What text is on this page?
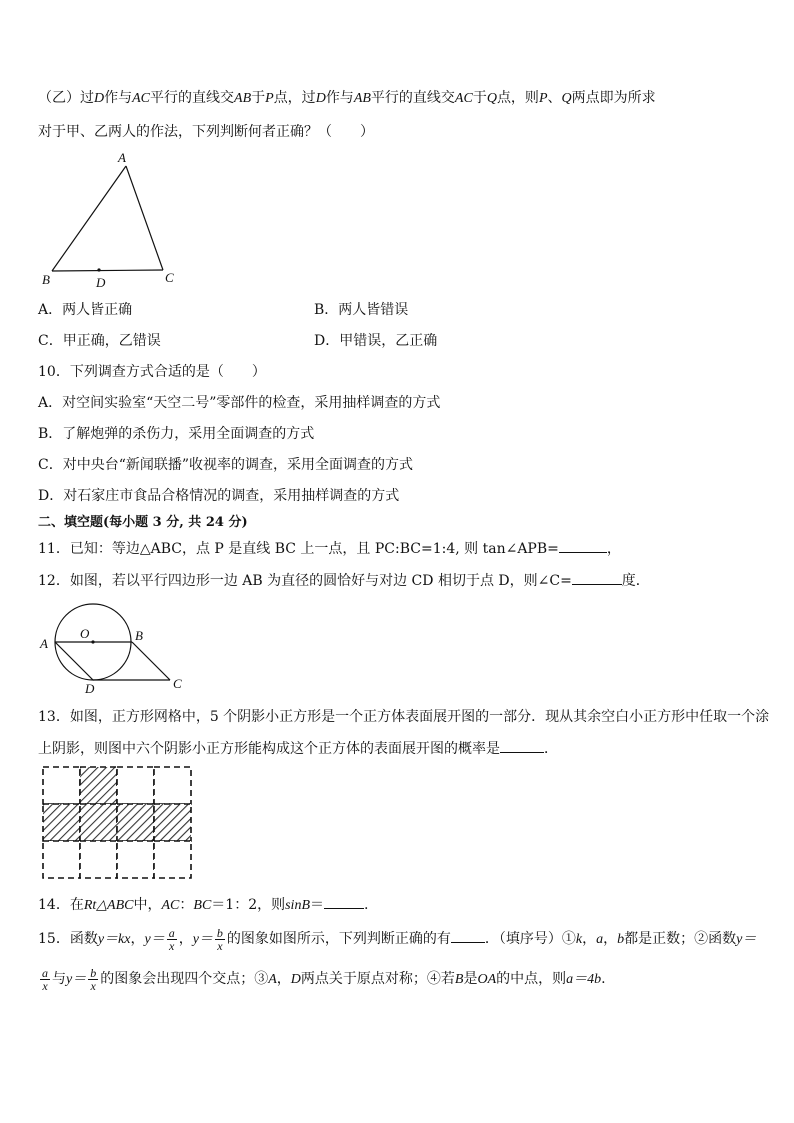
（乙）过D作与AC平行的直线交AB于P点，过D作与AB平行的直线交AC于Q点，则P、Q两点即为所求
对于甲、乙两人的作法，下列判断何者正确？（　　）
A
B	D	C
A．两人皆正确	B．两人皆错误
C．甲正确，乙错误	D．甲错误，乙正确
10．下列调查方式合适的是（　　）
A．对空间实验室“天空二号”零部件的检查，采用抽样调查的方式
B．了解炮弹的杀伤力，采用全面调查的方式
C．对中央台“新闻联播”收视率的调查，采用全面调查的方式
D．对石家庄市食品合格情况的调查，采用抽样调查的方式
二、填空题(每小题 3 分, 共 24 分)
11．已知：等边△ABC，点 P 是直线 BC 上一点，且 PC:BC=1:4, 则 tan∠APB=	，
12．如图，若以平行四边形一边 AB 为直径的圆恰好与对边 CD 相切于点 D，则∠C=	度．
A
O	B
D	C
13．如图，正方形网格中，5 个阴影小正方形是一个正方体表面展开图的一部分．现从其余空白小正方形中任取一个涂
上阴影，则图中六个阴影小正方形能构成这个正方体的表面展开图的概率是	．
14．在Rt△ABC中，AC：BC＝1：2，则sinB＝	.
15．函数y＝kx，$y= \frac{a}{x}$ ，$y= \frac{b}{x}$ 的图象如图所示，下列判断正确的有 ．（填序号）①k，a，b都是正数；②函数y＝
$\frac{a}{x}$ 与$y= \frac{b}{x}$ 的图象会出现四个交点；③A，D两点关于原点对称；④若B是OA的中点，则a＝4b.
